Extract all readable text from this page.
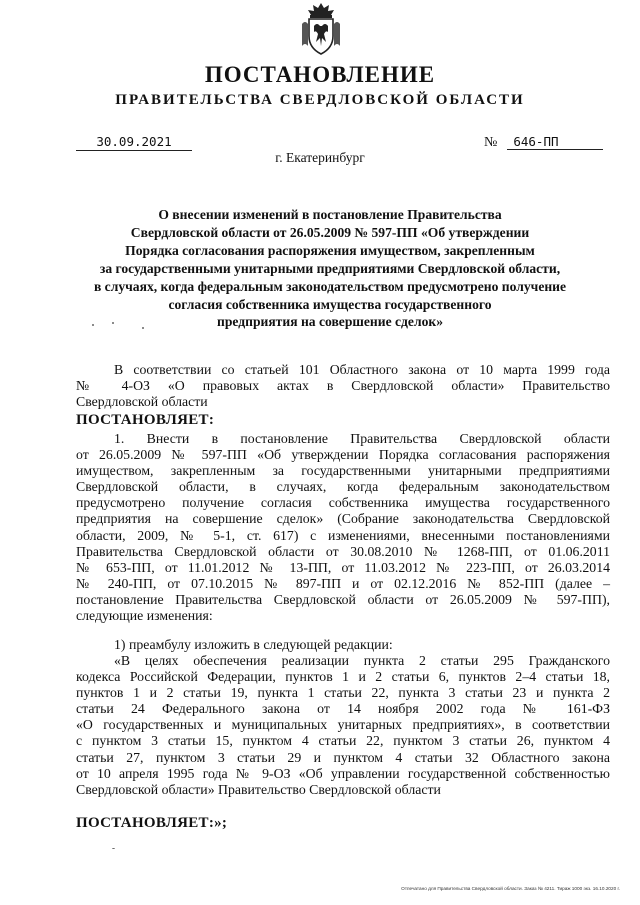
ПОСТАНОВЛЕНИЕ
ПРАВИТЕЛЬСТВА СВЕРДЛОВСКОЙ ОБЛАСТИ
30.09.2021	№ 646-ПП
г. Екатеринбург
О внесении изменений в постановление Правительства
Свердловской области от 26.05.2009 № 597-ПП «Об утверждении
Порядка согласования распоряжения имуществом, закрепленным
за государственными унитарными предприятиями Свердловской области,
в случаях, когда федеральным законодательством предусмотрено получение
согласия собственника имущества государственного
предприятия на совершение сделок»
В соответствии со статьей 101 Областного закона от 10 марта 1999 года
№ 4-ОЗ «О правовых актах в Свердловской области» Правительство
Свердловской области
ПОСТАНОВЛЯЕТ:
1. Внести в постановление Правительства Свердловской области
от 26.05.2009 № 597-ПП «Об утверждении Порядка согласования распоряжения
имуществом, закрепленным за государственными унитарными предприятиями
Свердловской области, в случаях, когда федеральным законодательством
предусмотрено получение согласия собственника имущества государственного
предприятия на совершение сделок» (Собрание законодательства Свердловской
области, 2009, № 5-1, ст. 617) с изменениями, внесенными постановлениями
Правительства Свердловской области от 30.08.2010 № 1268-ПП, от 01.06.2011
№ 653-ПП, от 11.01.2012 № 13-ПП, от 11.03.2012 № 223-ПП, от 26.03.2014
№ 240-ПП, от 07.10.2015 № 897-ПП и от 02.12.2016 № 852-ПП (далее –
постановление Правительства Свердловской области от 26.05.2009 № 597-ПП),
следующие изменения:
1) преамбулу изложить в следующей редакции:
«В целях обеспечения реализации пункта 2 статьи 295 Гражданского
кодекса Российской Федерации, пунктов 1 и 2 статьи 6, пунктов 2–4 статьи 18,
пунктов 1 и 2 статьи 19, пункта 1 статьи 22, пункта 3 статьи 23 и пункта 2
статьи 24 Федерального закона от 14 ноября 2002 года № 161-ФЗ
«О государственных и муниципальных унитарных предприятиях», в соответствии
с пунктом 3 статьи 15, пунктом 4 статьи 22, пунктом 3 статьи 26, пунктом 4
статьи 27, пунктом 3 статьи 29 и пунктом 4 статьи 32 Областного закона
от 10 апреля 1995 года № 9-ОЗ «Об управлении государственной собственностью
Свердловской области» Правительство Свердловской области
ПОСТАНОВЛЯЕТ:»;
Отпечатано для Правительства Свердловской области. Заказ № 4211. Тираж 1000 экз. 16.10.2020 г.
